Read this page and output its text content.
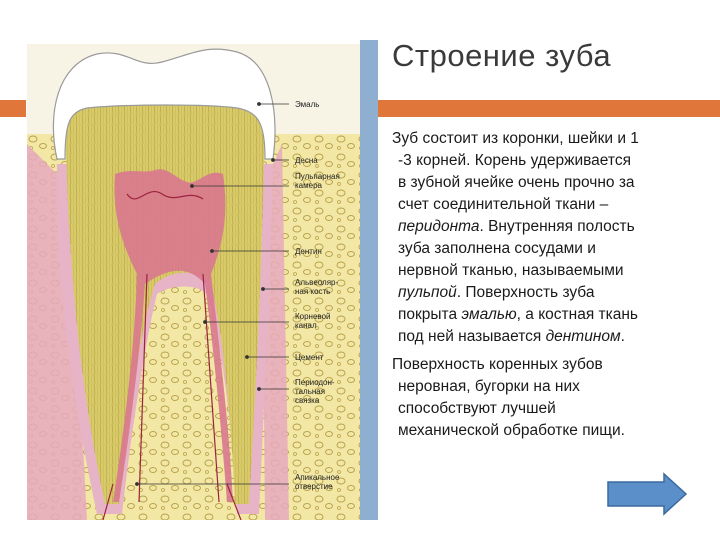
Строение зуба

Зуб состоит из коронки, шейки и 1
-3 корней. Корень удерживается
в зубной ячейке очень прочно за
счет соединительной ткани –
перидонта. Внутренняя полость
зуба заполнена сосудами и
нервной тканью, называемыми
пульпой. Поверхность зуба
покрыта эмалью, а костная ткань
под ней называется дентином.

Поверхность коренных зубов
неровная, бугорки на них
способствуют лучшей
механической обработке пищи.

Эмаль
Десна
Пульпарная
камера
Дентин
Альвеоляр-
ная кость
Корневой
канал
Цемент
Периодон-
тальная
связка
Апикальное
отверстие
